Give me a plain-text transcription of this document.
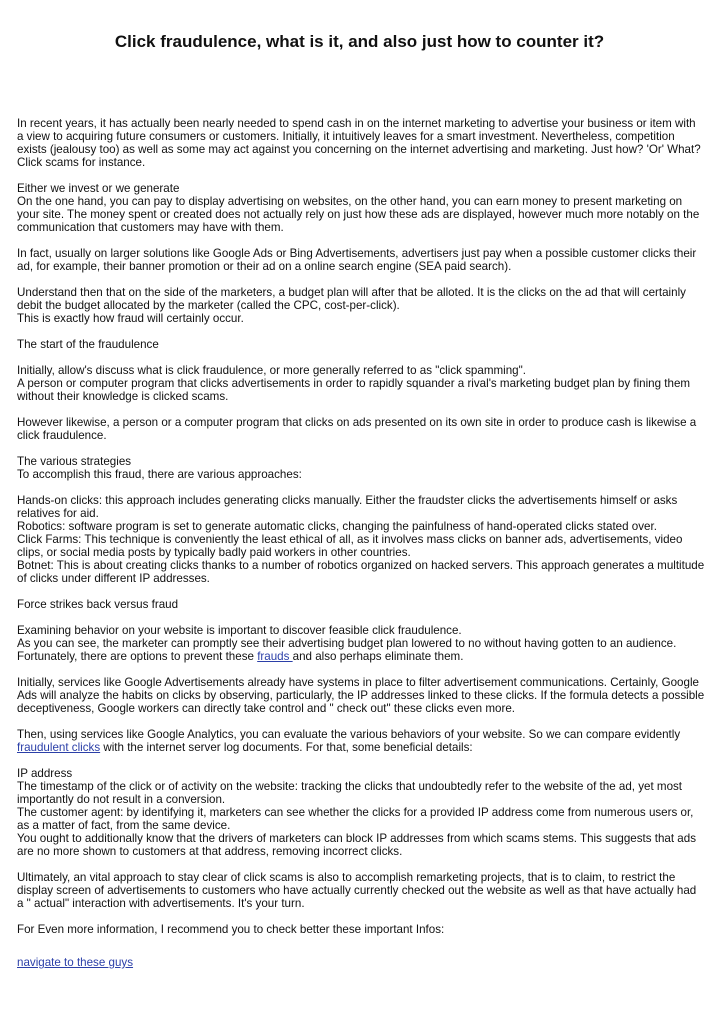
Click fraudulence, what is it, and also just how to counter it?

In recent years, it has actually been nearly needed to spend cash in on the internet marketing to advertise your business or item with a view to acquiring future consumers or customers. Initially, it intuitively leaves for a smart investment. Nevertheless, competition exists (jealousy too) as well as some may act against you concerning on the internet advertising and marketing. Just how? 'Or' What? Click scams for instance.

Either we invest or we generate
On the one hand, you can pay to display advertising on websites, on the other hand, you can earn money to present marketing on your site. The money spent or created does not actually rely on just how these ads are displayed, however much more notably on the communication that customers may have with them.

In fact, usually on larger solutions like Google Ads or Bing Advertisements, advertisers just pay when a possible customer clicks their ad, for example, their banner promotion or their ad on a online search engine (SEA paid search).

Understand then that on the side of the marketers, a budget plan will after that be alloted. It is the clicks on the ad that will certainly debit the budget allocated by the marketer (called the CPC, cost-per-click).
This is exactly how fraud will certainly occur.

The start of the fraudulence

Initially, allow's discuss what is click fraudulence, or more generally referred to as "click spamming".
A person or computer program that clicks advertisements in order to rapidly squander a rival's marketing budget plan by fining them without their knowledge is clicked scams.

However likewise, a person or a computer program that clicks on ads presented on its own site in order to produce cash is likewise a click fraudulence.

The various strategies
To accomplish this fraud, there are various approaches:

Hands-on clicks: this approach includes generating clicks manually. Either the fraudster clicks the advertisements himself or asks relatives for aid.
Robotics: software program is set to generate automatic clicks, changing the painfulness of hand-operated clicks stated over.
Click Farms: This technique is conveniently the least ethical of all, as it involves mass clicks on banner ads, advertisements, video clips, or social media posts by typically badly paid workers in other countries.
Botnet: This is about creating clicks thanks to a number of robotics organized on hacked servers. This approach generates a multitude of clicks under different IP addresses.

Force strikes back versus fraud

Examining behavior on your website is important to discover feasible click fraudulence.
As you can see, the marketer can promptly see their advertising budget plan lowered to no without having gotten to an audience. Fortunately, there are options to prevent these frauds and also perhaps eliminate them.

Initially, services like Google Advertisements already have systems in place to filter advertisement communications. Certainly, Google Ads will analyze the habits on clicks by observing, particularly, the IP addresses linked to these clicks. If the formula detects a possible deceptiveness, Google workers can directly take control and " check out" these clicks even more.

Then, using services like Google Analytics, you can evaluate the various behaviors of your website. So we can compare evidently fraudulent clicks with the internet server log documents. For that, some beneficial details:

IP address
The timestamp of the click or of activity on the website: tracking the clicks that undoubtedly refer to the website of the ad, yet most importantly do not result in a conversion.
The customer agent: by identifying it, marketers can see whether the clicks for a provided IP address come from numerous users or, as a matter of fact, from the same device.
You ought to additionally know that the drivers of marketers can block IP addresses from which scams stems. This suggests that ads are no more shown to customers at that address, removing incorrect clicks.

Ultimately, an vital approach to stay clear of click scams is also to accomplish remarketing projects, that is to claim, to restrict the display screen of advertisements to customers who have actually currently checked out the website as well as that have actually had a " actual" interaction with advertisements. It's your turn.

For Even more information, I recommend you to check better these important Infos:

navigate to these guys
